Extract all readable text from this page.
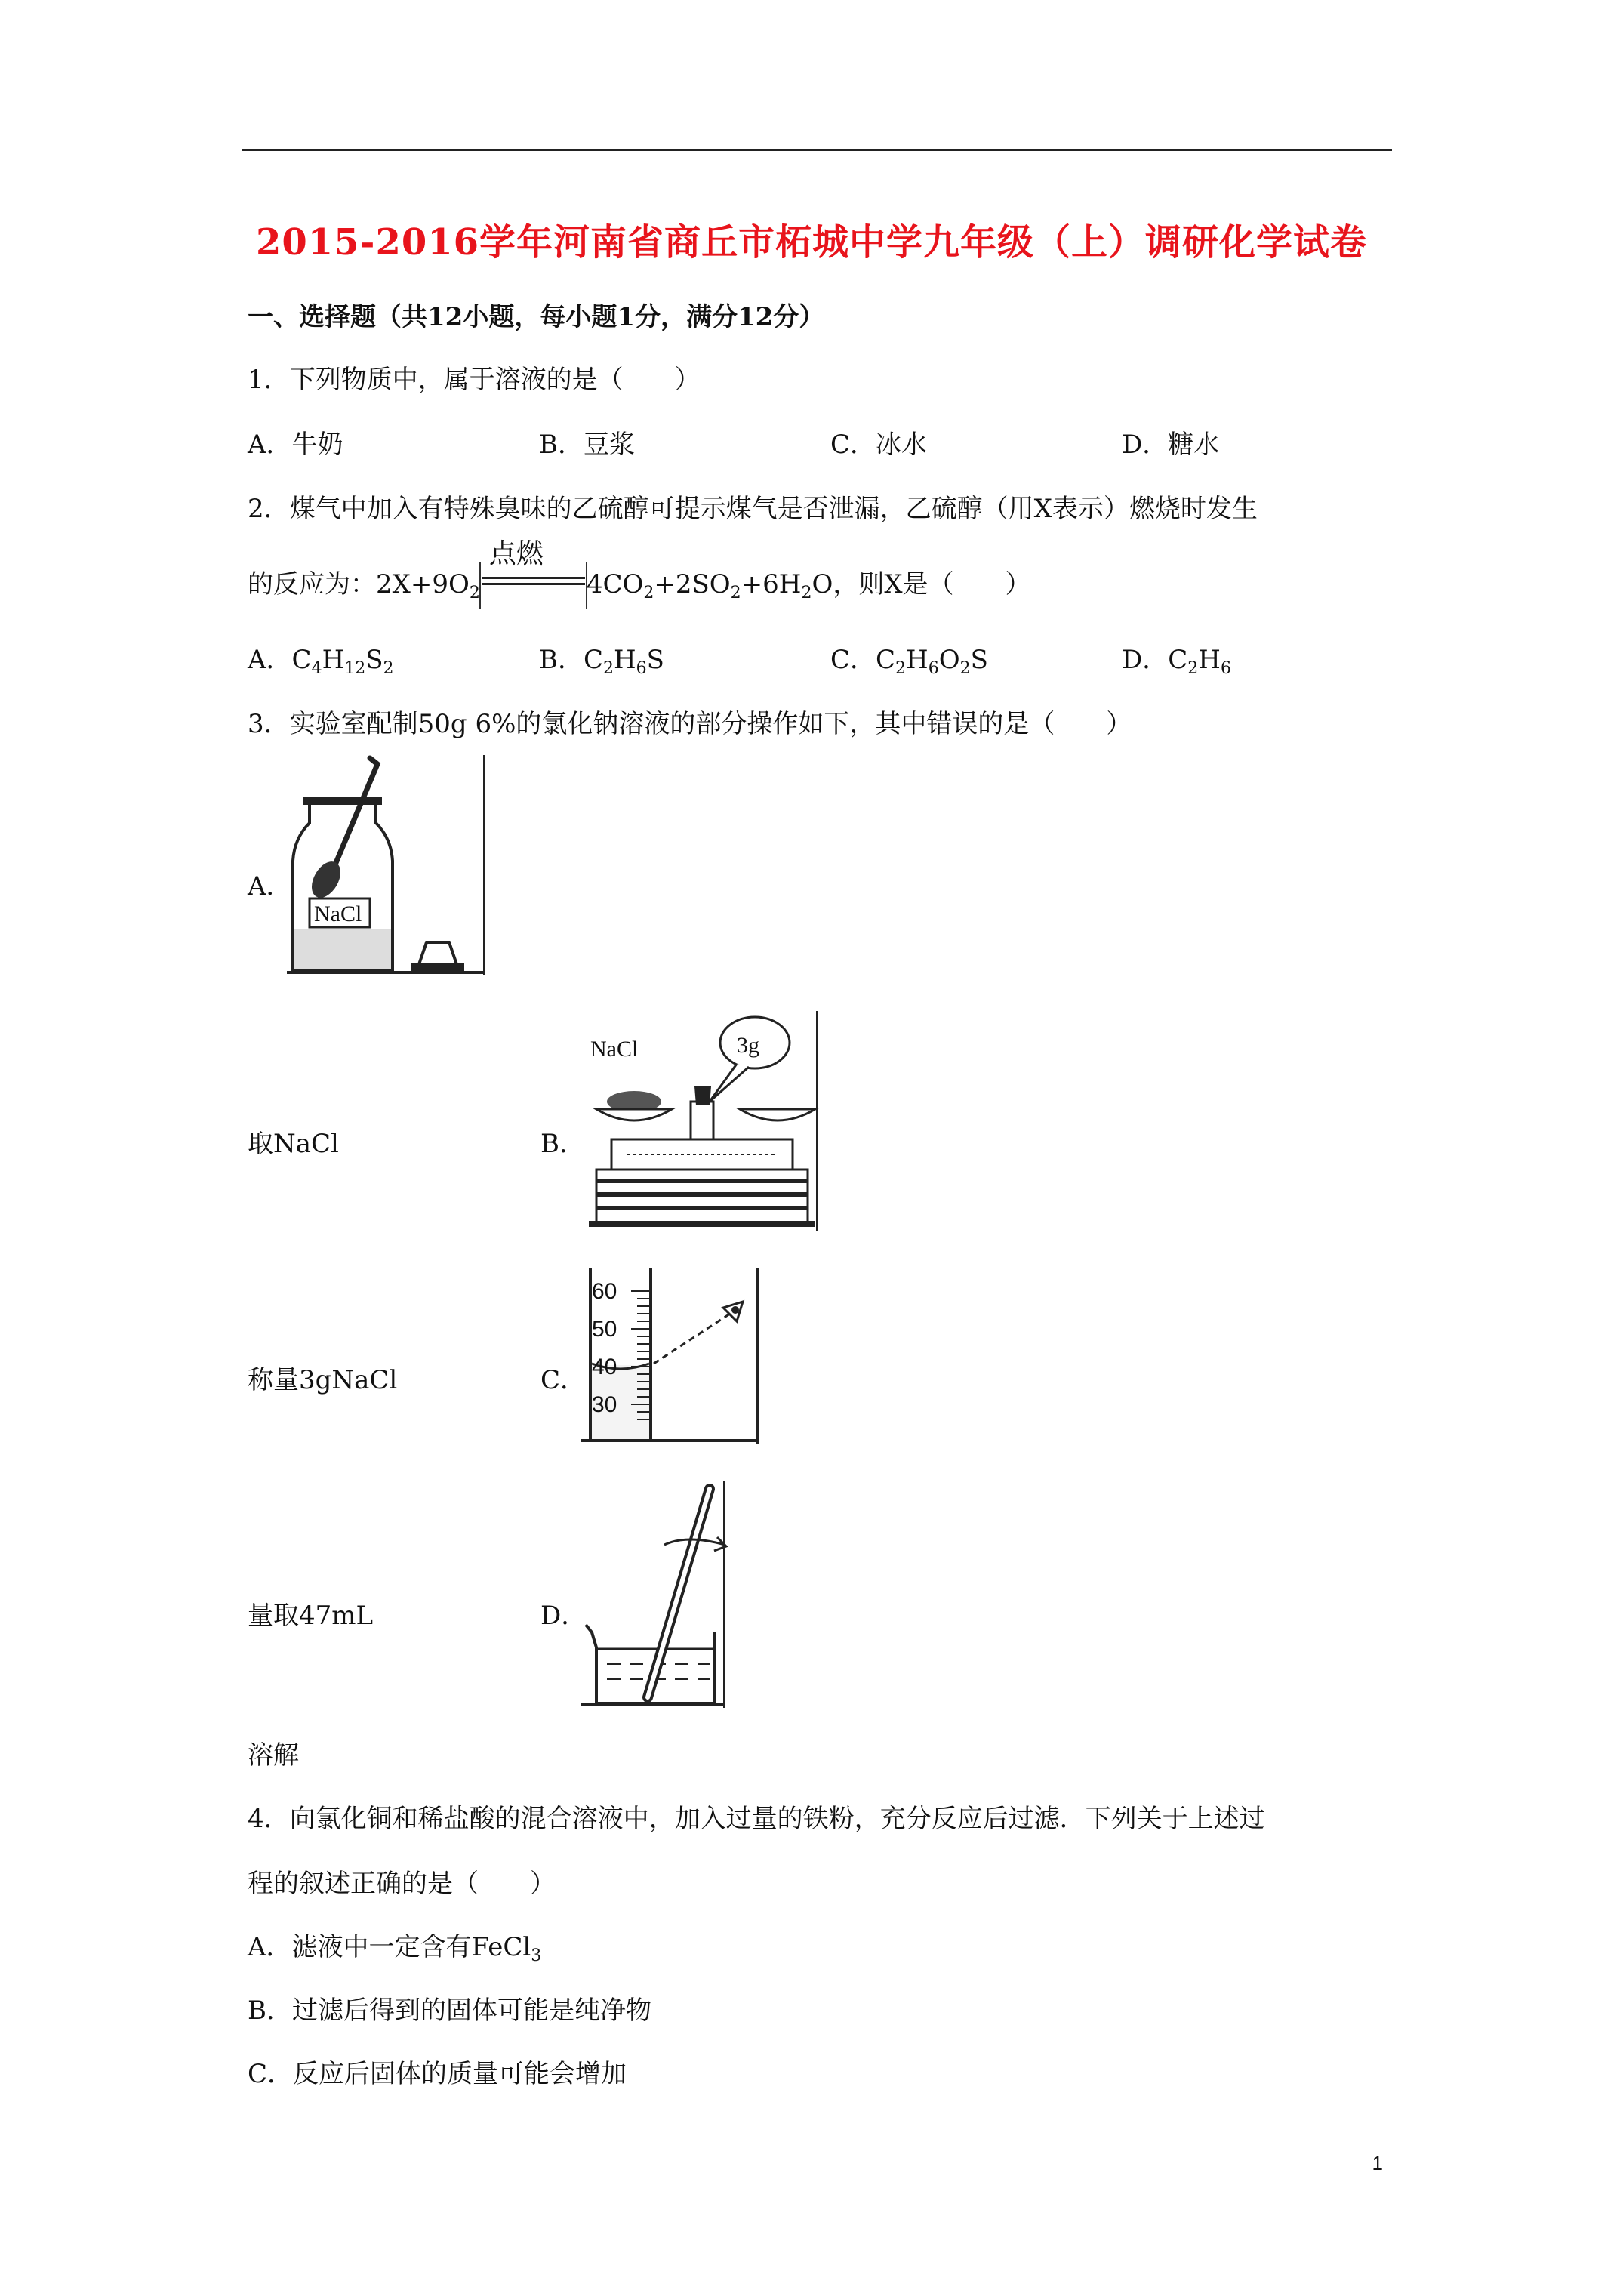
2015-2016学年河南省商丘市柘城中学九年级（上）调研化学试卷
一、选择题（共12小题，每小题1分，满分12分）
1．下列物质中，属于溶液的是（　　）
A．牛奶	B．豆浆	C．冰水	D．糖水
2．煤气中加入有特殊臭味的乙硫醇可提示煤气是否泄漏，乙硫醇（用X表示）燃烧时发生
的反应为：$2X+9O_2$
点燃
$4CO_2+2SO_2+6H_2O$，则X是（　　）
A．$C_4H_{12}S_2$	B．$C_2H_6S$	C．$C_2H_6O_2S$	D．$C_2H_6$
3．实验室配制50g 6%的氯化钠溶液的部分操作如下，其中错误的是（　　）
A．
NaCl
取NaCl	B．
NaCl	3g
称量3gNaCl	C．
60
50
40
30
量取47mL	D．
溶解
4．向氯化铜和稀盐酸的混合溶液中，加入过量的铁粉，充分反应后过滤．下列关于上述过
程的叙述正确的是（　　）
A．滤液中一定含有FeCl$_3$
B．过滤后得到的固体可能是纯净物
C．反应后固体的质量可能会增加
1
